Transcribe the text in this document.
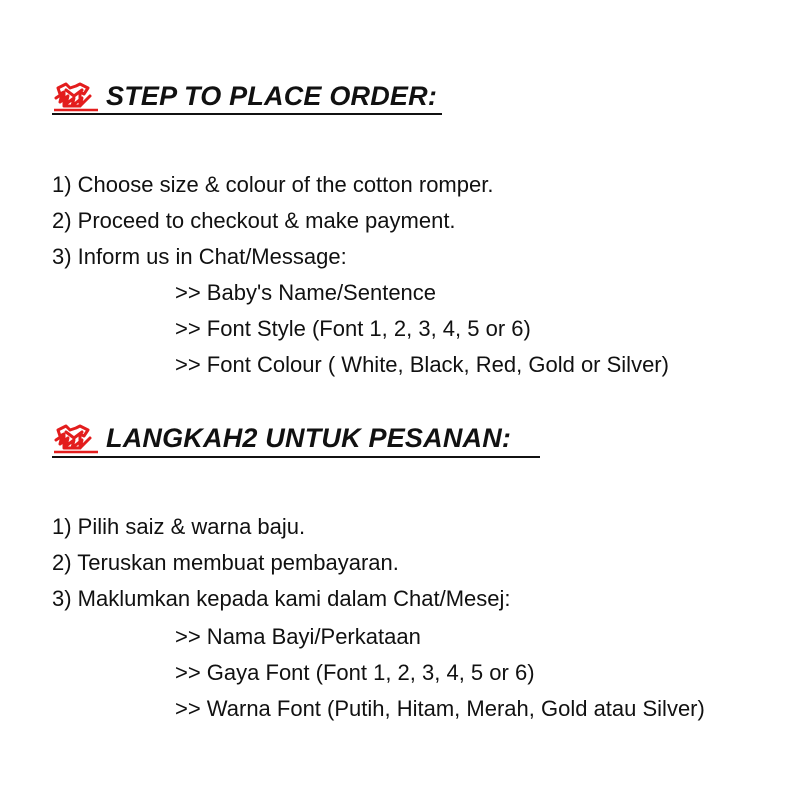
STEP TO PLACE ORDER:
1) Choose size & colour of the cotton romper.
2) Proceed to checkout & make payment.
3) Inform us in Chat/Message:
>> Baby's Name/Sentence
>> Font Style (Font 1, 2, 3, 4, 5 or 6)
>> Font Colour ( White, Black, Red, Gold or Silver)
LANGKAH2 UNTUK PESANAN:
1) Pilih saiz & warna baju.
2) Teruskan membuat pembayaran.
3) Maklumkan kepada kami dalam Chat/Mesej:
>> Nama Bayi/Perkataan
>> Gaya Font (Font 1, 2, 3, 4, 5 or 6)
>> Warna Font (Putih, Hitam, Merah, Gold atau Silver)
